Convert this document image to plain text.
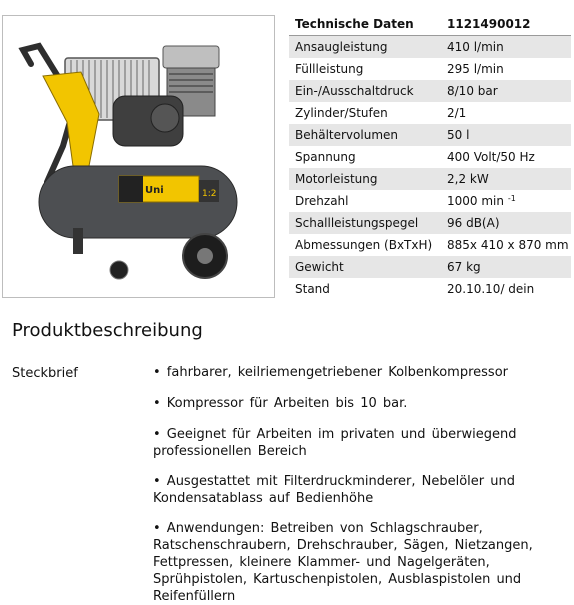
Uni	1:2
Technische Daten	1121490012
Ansaugleistung	410 l/min
Füllleistung	295 l/min
Ein-/Ausschaltdruck	8/10 bar
Zylinder/Stufen	2/1
Behältervolumen	50 l
Spannung	400 Volt/50 Hz
Motorleistung	2,2 kW
Drehzahl	1000 min $^{-1}$
Schallleistungspegel	96 dB(A)
Abmessungen (BxTxH)	885x 410 x 870 mm
Gewicht	67 kg
Stand	20.10.10/ dein
Produktbeschreibung
Steckbrief	• fahrbarer, keilriemengetriebener Kolbenkompressor

• Kompressor für Arbeiten bis 10 bar.

• Geeignet für Arbeiten im privaten und überwiegend professionellen Bereich

• Ausgestattet mit Filterdruckminderer, Nebelöler und Kondensatablass auf Bedienhöhe

• Anwendungen: Betreiben von Schlagschrauber, Ratschenschraubern, Drehschrauber, Sägen, Nietzangen, Fettpressen, kleinere Klammer- und Nagelgeräten, Sprühpistolen, Kartuschenpistolen, Ausblaspistolen und Reifenfüllern
